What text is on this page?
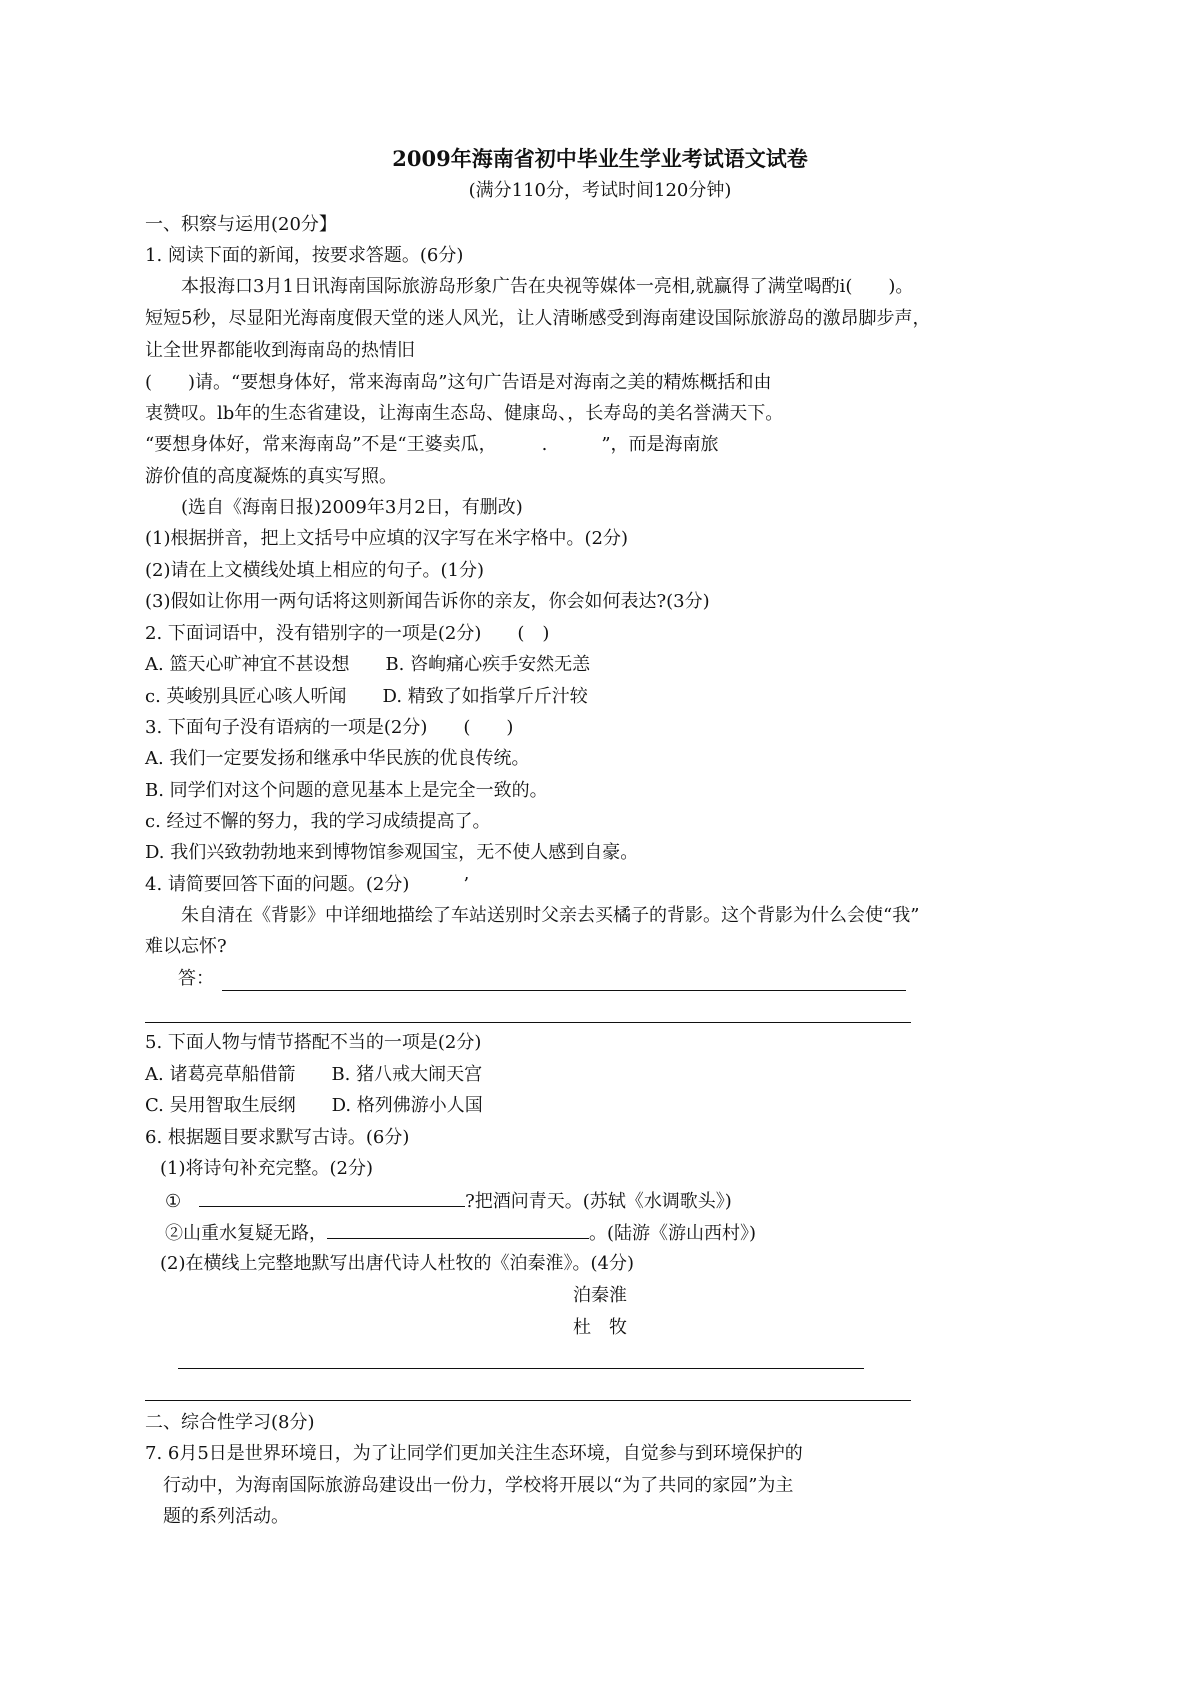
2009年海南省初中毕业生学业考试语文试卷
(满分110分，考试时间120分钟)
一、积察与运用(20分】
1. 阅读下面的新闻，按要求答题。(6分)
　　本报海口3月1日讯海南国际旅游岛形象广告在央视等媒体一亮相,就赢得了满堂喝酌i(　　)。
短短5秒，尽显阳光海南度假天堂的迷人风光，让人清晰感受到海南建设国际旅游岛的激昂脚步声，
让全世界都能收到海南岛的热情旧
(　　)请。“要想身体好，常来海南岛”这句广告语是对海南之美的精炼概括和由
衷赞叹。lb年的生态省建设，让海南生态岛、健康岛、，长寿岛的美名誉满天下。
“要想身体好，常来海南岛”不是“王婆卖瓜，　　　.　　　”，而是海南旅
游价值的高度凝炼的真实写照。
　　(选自《海南日报)2009年3月2日，有删改)
(1)根据拼音，把上文括号中应填的汉字写在米字格中。(2分)
(2)请在上文横线处填上相应的句子。(1分)
(3)假如让你用一两句话将这则新闻告诉你的亲友，你会如何表达?(3分)
2. 下面词语中，没有错别字的一项是(2分)　　(　)
A. 篮天心旷神宜不甚设想　　B. 咨峋痛心疾手安然无恙
c. 英峻别具匠心咳人听闻　　D. 精致了如指掌斤斤汁较
3. 下面句子没有语病的一项是(2分)　　(　　)
A. 我们一定要发扬和继承中华民族的优良传统。
B. 同学们对这个问题的意见基本上是完全一致的。
c. 经过不懈的努力，我的学习成绩提高了。
D. 我们兴致勃勃地来到博物馆参观国宝，无不使人感到自豪。
4. 请简要回答下面的问题。(2分)　　　’
　　朱自清在《背影》中详细地描绘了车站送别时父亲去买橘子的背影。这个背影为什么会使“我”
难以忘怀?
答：
5. 下面人物与情节搭配不当的一项是(2分)
A. 诸葛亮草船借箭　　B. 猪八戒大闹天宫
C. 吴用智取生辰纲　　D. 格列佛游小人国
6. 根据题目要求默写古诗。(6分)
(1)将诗句补充完整。(2分)
①　	?把酒问青天。(苏轼《水调歌头》)
②山重水复疑无路，	。(陆游《游山西村》)
(2)在横线上完整地默写出唐代诗人杜牧的《泊秦淮》。(4分)
泊秦淮
杜　牧
二、综合性学习(8分)
7. 6月5日是世界环境日，为了让同学们更加关注生态环境，自觉参与到环境保护的
　行动中，为海南国际旅游岛建设出一份力，学校将开展以“为了共同的家园”为主
　题的系列活动。
